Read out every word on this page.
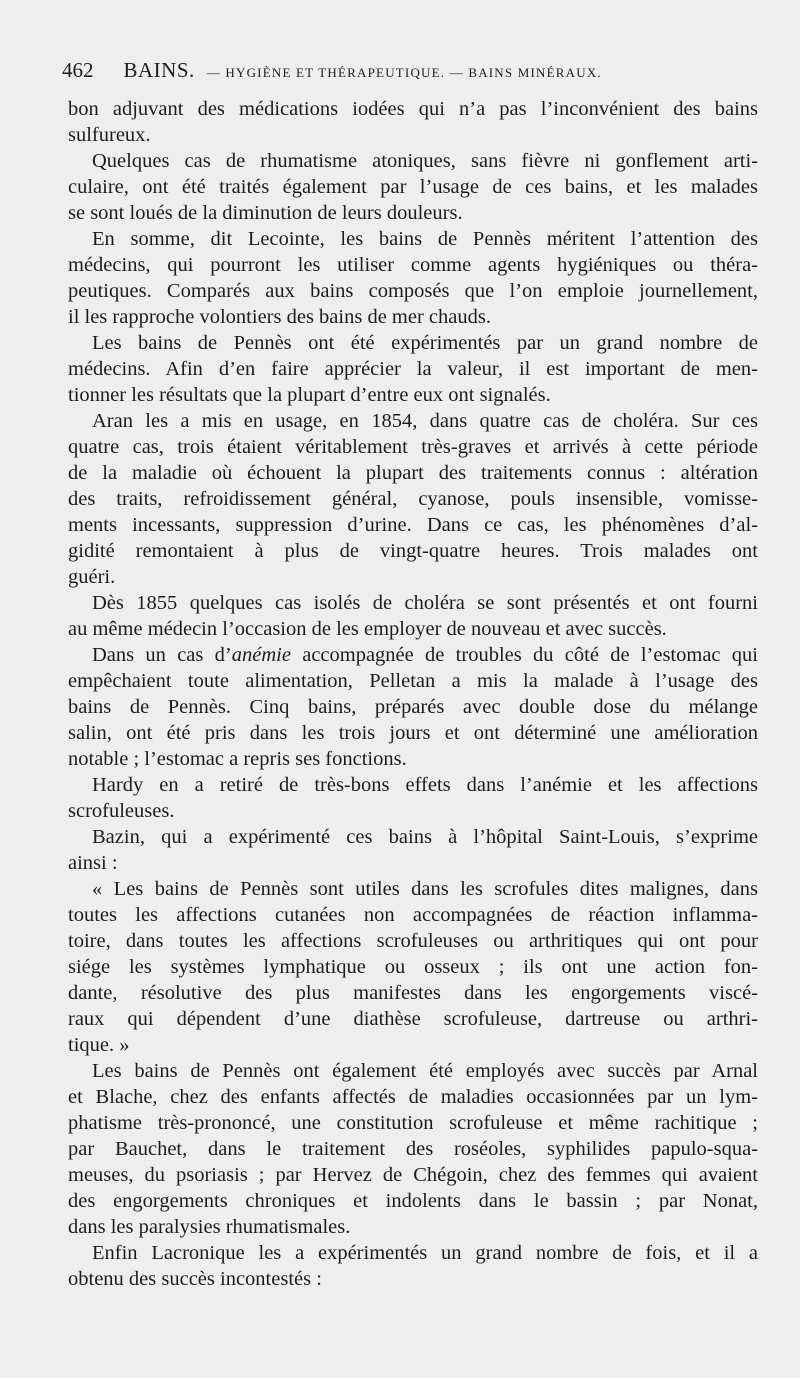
462 BAINS. — HYGIÈNE ET THÉRAPEUTIQUE. — BAINS MINÉRAUX.
bon adjuvant des médications iodées qui n’a pas l’inconvénient des bains
sulfureux.
Quelques cas de rhumatisme atoniques, sans fièvre ni gonflement arti-
culaire, ont été traités également par l’usage de ces bains, et les malades
se sont loués de la diminution de leurs douleurs.
En somme, dit Lecointe, les bains de Pennès méritent l’attention des
médecins, qui pourront les utiliser comme agents hygiéniques ou théra-
peutiques. Comparés aux bains composés que l’on emploie journellement,
il les rapproche volontiers des bains de mer chauds.
Les bains de Pennès ont été expérimentés par un grand nombre de
médecins. Afin d’en faire apprécier la valeur, il est important de men-
tionner les résultats que la plupart d’entre eux ont signalés.
Aran les a mis en usage, en 1854, dans quatre cas de choléra. Sur ces
quatre cas, trois étaient véritablement très-graves et arrivés à cette période
de la maladie où échouent la plupart des traitements connus : altération
des traits, refroidissement général, cyanose, pouls insensible, vomisse-
ments incessants, suppression d’urine. Dans ce cas, les phénomènes d’al-
gidité remontaient à plus de vingt-quatre heures. Trois malades ont
guéri.
Dès 1855 quelques cas isolés de choléra se sont présentés et ont fourni
au même médecin l’occasion de les employer de nouveau et avec succès.
Dans un cas d’anémie accompagnée de troubles du côté de l’estomac qui
empêchaient toute alimentation, Pelletan a mis la malade à l’usage des
bains de Pennès. Cinq bains, préparés avec double dose du mélange
salin, ont été pris dans les trois jours et ont déterminé une amélioration
notable ; l’estomac a repris ses fonctions.
Hardy en a retiré de très-bons effets dans l’anémie et les affections
scrofuleuses.
Bazin, qui a expérimenté ces bains à l’hôpital Saint-Louis, s’exprime
ainsi :
« Les bains de Pennès sont utiles dans les scrofules dites malignes, dans
toutes les affections cutanées non accompagnées de réaction inflamma-
toire, dans toutes les affections scrofuleuses ou arthritiques qui ont pour
siége les systèmes lymphatique ou osseux ; ils ont une action fon-
dante, résolutive des plus manifestes dans les engorgements viscé-
raux qui dépendent d’une diathèse scrofuleuse, dartreuse ou arthri-
tique. »
Les bains de Pennès ont également été employés avec succès par Arnal
et Blache, chez des enfants affectés de maladies occasionnées par un lym-
phatisme très-prononcé, une constitution scrofuleuse et même rachitique ;
par Bauchet, dans le traitement des roséoles, syphilides papulo-squa-
meuses, du psoriasis ; par Hervez de Chégoin, chez des femmes qui avaient
des engorgements chroniques et indolents dans le bassin ; par Nonat,
dans les paralysies rhumatismales.
Enfin Lacronique les a expérimentés un grand nombre de fois, et il a
obtenu des succès incontestés :
